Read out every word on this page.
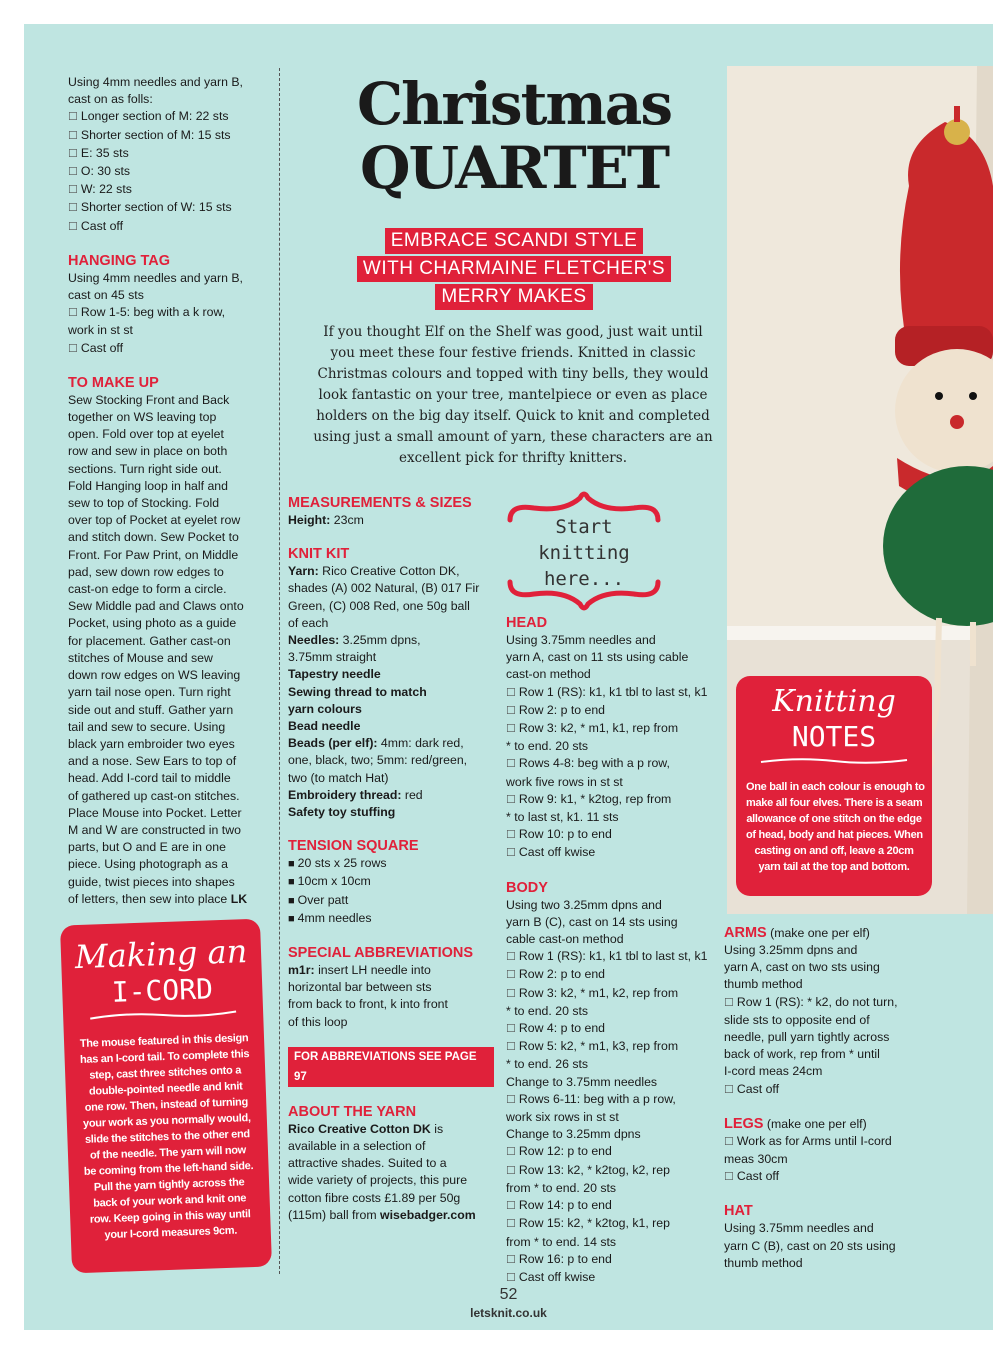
Using 4mm needles and yarn B,
cast on as folls:
☐ Longer section of M: 22 sts
☐ Shorter section of M: 15 sts
☐ E: 35 sts
☐ O: 30 sts
☐ W: 22 sts
☐ Shorter section of W: 15 sts
☐ Cast off
HANGING TAG
Using 4mm needles and yarn B,
cast on 45 sts
☐ Row 1-5: beg with a k row,
work in st st
☐ Cast off
TO MAKE UP
Sew Stocking Front and Back
together on WS leaving top
open. Fold over top at eyelet
row and sew in place on both
sections. Turn right side out.
Fold Hanging loop in half and
sew to top of Stocking. Fold
over top of Pocket at eyelet row
and stitch down. Sew Pocket to
Front. For Paw Print, on Middle
pad, sew down row edges to
cast-on edge to form a circle.
Sew Middle pad and Claws onto
Pocket, using photo as a guide
for placement. Gather cast-on
stitches of Mouse and sew
down row edges on WS leaving
yarn tail nose open. Turn right
side out and stuff. Gather yarn
tail and sew to secure. Using
black yarn embroider two eyes
and a nose. Sew Ears to top of
head. Add I-cord tail to middle
of gathered up cast-on stitches.
Place Mouse into Pocket. Letter
M and W are constructed in two
parts, but O and E are in one
piece. Using photograph as a
guide, twist pieces into shapes
of letters, then sew into place LK
Making an
I-CORD
The mouse featured in this design
has an I-cord tail. To complete this
step, cast three stitches onto a
double-pointed needle and knit
one row. Then, instead of turning
your work as you normally would,
slide the stitches to the other end
of the needle. The yarn will now
be coming from the left-hand side.
Pull the yarn tightly across the
back of your work and knit one
row. Keep going in this way until
your I-cord measures 9cm.
Christmas
QUARTET
EMBRACE SCANDI STYLE
WITH CHARMAINE FLETCHER'S
MERRY MAKES
If you thought Elf on the Shelf was good, just wait until
you meet these four festive friends. Knitted in classic
Christmas colours and topped with tiny bells, they would
look fantastic on your tree, mantelpiece or even as place
holders on the big day itself. Quick to knit and completed
using just a small amount of yarn, these characters are an
excellent pick for thrifty knitters.
Start
knitting
here...
MEASUREMENTS & SIZES
Height: 23cm
KNIT KIT
Yarn: Rico Creative Cotton DK,
shades (A) 002 Natural, (B) 017 Fir
Green, (C) 008 Red, one 50g ball
of each
Needles: 3.25mm dpns,
3.75mm straight
Tapestry needle
Sewing thread to match
yarn colours
Bead needle
Beads (per elf): 4mm: dark red,
one, black, two; 5mm: red/green,
two (to match Hat)
Embroidery thread: red
Safety toy stuffing
TENSION SQUARE
■ 20 sts x 25 rows
■ 10cm x 10cm
■ Over patt
■ 4mm needles
SPECIAL ABBREVIATIONS
m1r: insert LH needle into
horizontal bar between sts
from back to front, k into front
of this loop
FOR ABBREVIATIONS SEE PAGE 97
ABOUT THE YARN
Rico Creative Cotton DK is
available in a selection of
attractive shades. Suited to a
wide variety of projects, this pure
cotton fibre costs £1.89 per 50g
(115m) ball from wisebadger.com
HEAD
Using 3.75mm needles and
yarn A, cast on 11 sts using cable
cast-on method
☐ Row 1 (RS): k1, k1 tbl to last st, k1
☐ Row 2: p to end
☐ Row 3: k2, * m1, k1, rep from
* to end. 20 sts
☐ Rows 4-8: beg with a p row,
work five rows in st st
☐ Row 9: k1, * k2tog, rep from
* to last st, k1. 11 sts
☐ Row 10: p to end
☐ Cast off kwise
BODY
Using two 3.25mm dpns and
yarn B (C), cast on 14 sts using
cable cast-on method
☐ Row 1 (RS): k1, k1 tbl to last st, k1
☐ Row 2: p to end
☐ Row 3: k2, * m1, k2, rep from
* to end. 20 sts
☐ Row 4: p to end
☐ Row 5: k2, * m1, k3, rep from
* to end. 26 sts
Change to 3.75mm needles
☐ Rows 6-11: beg with a p row,
work six rows in st st
Change to 3.25mm dpns
☐ Row 12: p to end
☐ Row 13: k2, * k2tog, k2, rep
from * to end. 20 sts
☐ Row 14: p to end
☐ Row 15: k2, * k2tog, k1, rep
from * to end. 14 sts
☐ Row 16: p to end
☐ Cast off kwise
Knitting
NOTES
One ball in each colour is enough to
make all four elves. There is a seam
allowance of one stitch on the edge
of head, body and hat pieces. When
casting on and off, leave a 20cm
yarn tail at the top and bottom.
ARMS (make one per elf)
Using 3.25mm dpns and
yarn A, cast on two sts using
thumb method
☐ Row 1 (RS): * k2, do not turn,
slide sts to opposite end of
needle, pull yarn tightly across
back of work, rep from * until
I-cord meas 24cm
☐ Cast off
LEGS (make one per elf)
☐ Work as for Arms until I-cord
meas 30cm
☐ Cast off
HAT
Using 3.75mm needles and
yarn C (B), cast on 20 sts using
thumb method
52
letsknit.co.uk
